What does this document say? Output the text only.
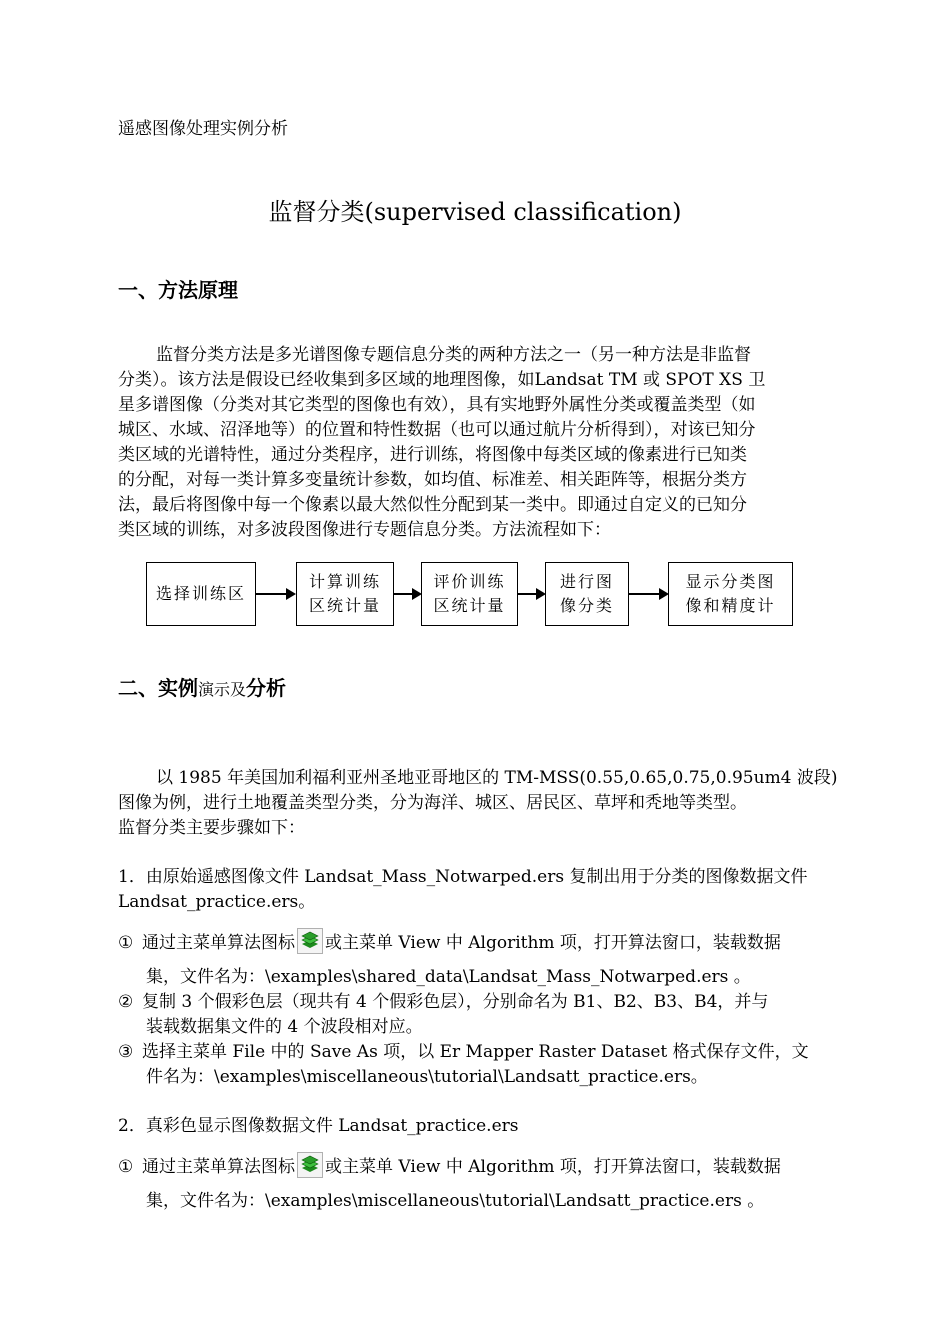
遥感图像处理实例分析
监督分类(supervised classification)
一、方法原理
监督分类方法是多光谱图像专题信息分类的两种方法之一（另一种方法是非监督
分类）。该方法是假设已经收集到多区域的地理图像，如Landsat TM 或 SPOT XS 卫
星多谱图像（分类对其它类型的图像也有效），具有实地野外属性分类或覆盖类型（如
城区、水域、沼泽地等）的位置和特性数据（也可以通过航片分析得到），对该已知分
类区域的光谱特性，通过分类程序，进行训练，将图像中每类区域的像素进行已知类
的分配，对每一类计算多变量统计参数，如均值、标准差、相关距阵等，根据分类方
法，最后将图像中每一个像素以最大然似性分配到某一类中。即通过自定义的已知分
类区域的训练，对多波段图像进行专题信息分类。方法流程如下：
选择训练区
计算训练
区统计量
评价训练
区统计量
进行图
像分类
显示分类图
像和精度计
二、实例演示及分析
以 1985 年美国加利福利亚州圣地亚哥地区的 TM-MSS(0.55,0.65,0.75,0.95um4 波段)
图像为例，进行土地覆盖类型分类，分为海洋、城区、居民区、草坪和秃地等类型。
监督分类主要步骤如下：
1．由原始遥感图像文件 Landsat_Mass_Notwarped.ers 复制出用于分类的图像数据文件
Landsat_practice.ers。
① 通过主菜单算法图标 或主菜单 View 中 Algorithm 项，打开算法窗口，装载数据
集，文件名为：\examples\shared_data\Landsat_Mass_Notwarped.ers 。
② 复制 3 个假彩色层（现共有 4 个假彩色层），分别命名为 B1、B2、B3、B4，并与
装载数据集文件的 4 个波段相对应。
③ 选择主菜单 File 中的 Save As 项，以 Er Mapper Raster Dataset 格式保存文件，文
件名为：\examples\miscellaneous\tutorial\Landsatt_practice.ers。
2．真彩色显示图像数据文件 Landsat_practice.ers
① 通过主菜单算法图标 或主菜单 View 中 Algorithm 项，打开算法窗口，装载数据
集，文件名为：\examples\miscellaneous\tutorial\Landsatt_practice.ers 。
